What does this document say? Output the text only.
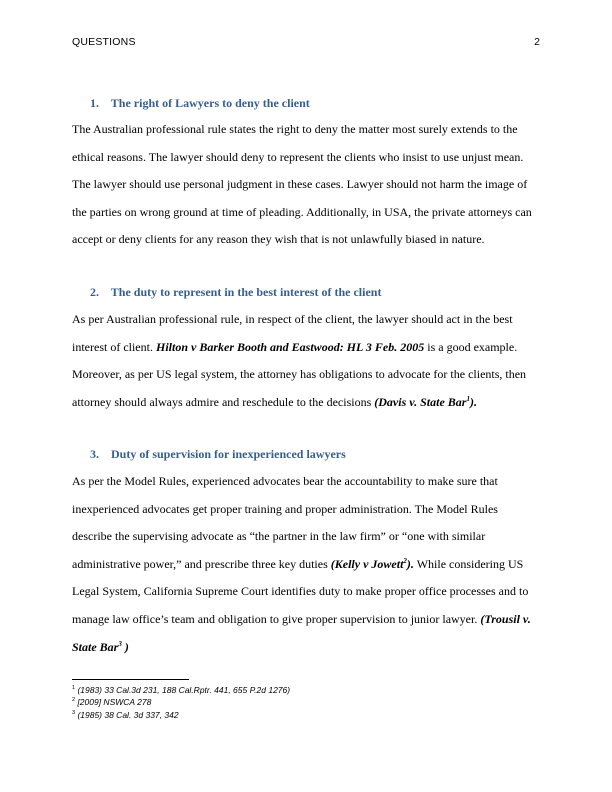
QUESTIONS	2
1. The right of Lawyers to deny the client

The Australian professional rule states the right to deny the matter most surely extends to the ethical reasons. The lawyer should deny to represent the clients who insist to use unjust mean. The lawyer should use personal judgment in these cases. Lawyer should not harm the image of the parties on wrong ground at time of pleading. Additionally, in USA, the private attorneys can accept or deny clients for any reason they wish that is not unlawfully biased in nature.

2. The duty to represent in the best interest of the client

As per Australian professional rule, in respect of the client, the lawyer should act in the best interest of client. Hilton v Barker Booth and Eastwood: HL 3 Feb. 2005 is a good example. Moreover, as per US legal system, the attorney has obligations to advocate for the clients, then attorney should always admire and reschedule to the decisions (Davis v. State Bar$^1$).

3. Duty of supervision for inexperienced lawyers

As per the Model Rules, experienced advocates bear the accountability to make sure that inexperienced advocates get proper training and proper administration. The Model Rules describe the supervising advocate as “the partner in the law firm” or “one with similar administrative power,” and prescribe three key duties (Kelly v Jowett$^2$). While considering US Legal System, California Supreme Court identifies duty to make proper office processes and to manage law office’s team and obligation to give proper supervision to junior lawyer. (Trousil v. State Bar$^3$ )

$^1$ (1983) 33 Cal.3d 231, 188 Cal.Rptr. 441, 655 P.2d 1276)
$^2$ [2009] NSWCA 278
$^3$ (1985) 38 Cal. 3d 337, 342
